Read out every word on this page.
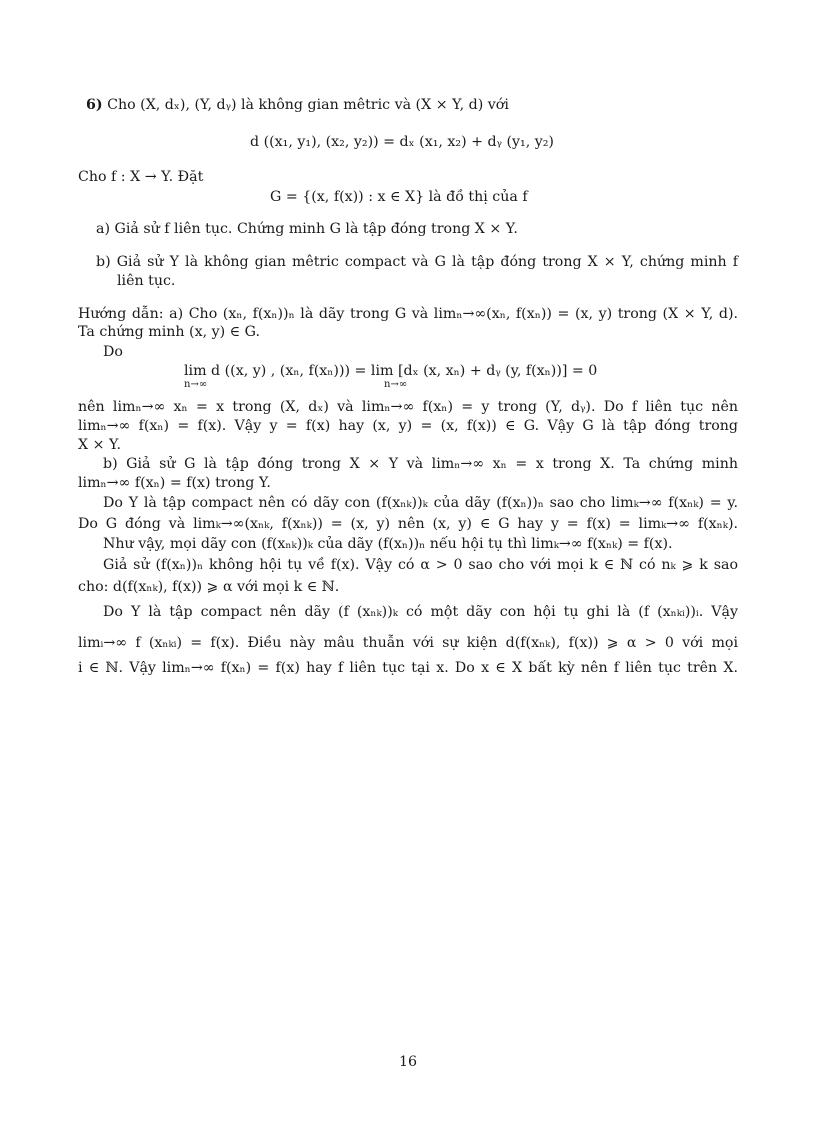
6) Cho (X, dₓ), (Y, dᵧ) là không gian mêtric và (X × Y, d) với
d ((x₁, y₁), (x₂, y₂)) = dₓ (x₁, x₂) + dᵧ (y₁, y₂)
Cho f : X → Y. Đặt
G = {(x, f(x)) : x ∈ X} là đồ thị của f
a) Giả sử f liên tục. Chứng minh G là tập đóng trong X × Y.
b) Giả sử Y là không gian mêtric compact và G là tập đóng trong X × Y, chứng minh f
liên tục.
Hướng dẫn: a) Cho (xₙ, f(xₙ))ₙ là dãy trong G và limₙ→∞(xₙ, f(xₙ)) = (x, y) trong (X × Y, d).
Ta chứng minh (x, y) ∈ G.
Do
lim d ((x, y) , (xₙ, f(xₙ))) = lim [dₓ (x, xₙ) + dᵧ (y, f(xₙ))] = 0
n→∞	n→∞
nên limₙ→∞ xₙ = x trong (X, dₓ) và limₙ→∞ f(xₙ) = y trong (Y, dᵧ). Do f liên tục nên
limₙ→∞ f(xₙ) = f(x). Vậy y = f(x) hay (x, y) = (x, f(x)) ∈ G. Vậy G là tập đóng trong
X × Y.
b) Giả sử G là tập đóng trong X × Y và limₙ→∞ xₙ = x trong X. Ta chứng minh
limₙ→∞ f(xₙ) = f(x) trong Y.
Do Y là tập compact nên có dãy con (f(xₙₖ))ₖ của dãy (f(xₙ))ₙ sao cho limₖ→∞ f(xₙₖ) = y.
Do G đóng và limₖ→∞(xₙₖ, f(xₙₖ)) = (x, y) nên (x, y) ∈ G hay y = f(x) = limₖ→∞ f(xₙₖ).
Như vậy, mọi dãy con (f(xₙₖ))ₖ của dãy (f(xₙ))ₙ nếu hội tụ thì limₖ→∞ f(xₙₖ) = f(x).
Giả sử (f(xₙ))ₙ không hội tụ về f(x). Vậy có α > 0 sao cho với mọi k ∈ ℕ có nₖ ⩾ k sao
cho: d(f(xₙₖ), f(x)) ⩾ α với mọi k ∈ ℕ.
Do Y là tập compact nên dãy (f (xₙₖ))ₖ có một dãy con hội tụ ghi là (f (xₙₖᵢ))ᵢ. Vậy
limᵢ→∞ f (xₙₖᵢ) = f(x). Điều này mâu thuẫn với sự kiện d(f(xₙₖ), f(x)) ⩾ α > 0 với mọi
i ∈ ℕ. Vậy limₙ→∞ f(xₙ) = f(x) hay f liên tục tại x. Do x ∈ X bất kỳ nên f liên tục trên X.
16
